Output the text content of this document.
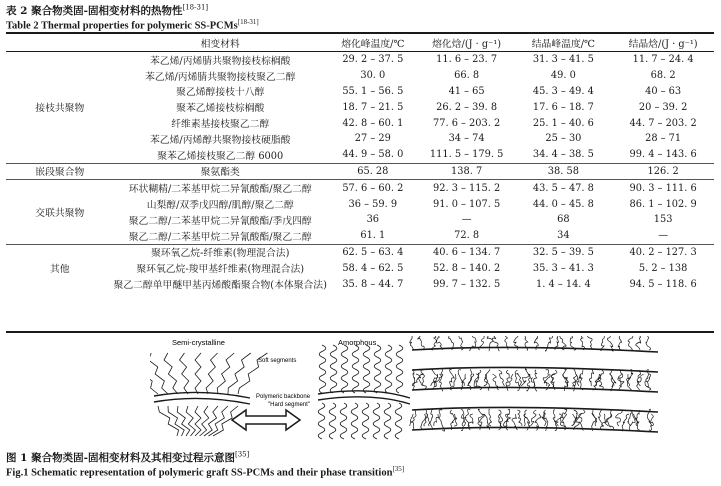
表 2 聚合物类固-固相变材料的热物性[18-31]
Table 2 Thermal properties for polymeric SS-PCMs[18-31]
	相变材料	熔化峰温度/℃	熔化焓/(J · g⁻¹)	结晶峰温度/℃	结晶焓/(J · g⁻¹)
接枝共聚物	苯乙烯/丙烯腈共聚物接枝棕榈酸	29. 2 – 37. 5	11. 6 – 23. 7	31. 3 – 41. 5	11. 7 – 24. 4
	苯乙烯/丙烯腈共聚物接枝聚乙二醇	30. 0	66. 8	49. 0	68. 2
	聚乙烯醇接枝十八醇	55. 1 – 56. 5	41 – 65	45. 3 – 49. 4	40 – 63
	聚苯乙烯接枝棕榈酸	18. 7 – 21. 5	26. 2 – 39. 8	17. 6 – 18. 7	20 – 39. 2
	纤维素基接枝聚乙二醇	42. 8 – 60. 1	77. 6 – 203. 2	25. 1 – 40. 6	44. 7 – 203. 2
	苯乙烯/丙烯醇共聚物接枝硬脂酸	27 – 29	34 – 74	25 – 30	28 – 71
	聚苯乙烯接枝聚乙二醇 6000	44. 9 – 58. 0	111. 5 – 179. 5	34. 4 – 38. 5	99. 4 – 143. 6
嵌段聚合物	聚氨酯类	65. 28	138. 7	38. 58	126. 2
交联共聚物	环状糊精/二苯基甲烷二异氰酸酯/聚乙二醇	57. 6 – 60. 2	92. 3 – 115. 2	43. 5 – 47. 8	90. 3 – 111. 6
	山梨醇/双季戊四醇/肌醇/聚乙二醇	36 – 59. 9	91. 0 – 107. 5	44. 0 – 45. 8	86. 1 – 102. 9
	聚乙二醇/二苯基甲烷二异氰酸酯/季戊四醇	36	—	68	153
	聚乙二醇/二苯基甲烷二异氰酸酯/聚乙二醇	61. 1	72. 8	34	—
其他	聚环氧乙烷-纤维素(物理混合法)	62. 5 – 63. 4	40. 6 – 134. 7	32. 5 – 39. 5	40. 2 – 127. 3
	聚环氧乙烷-羧甲基纤维素(物理混合法)	58. 4 – 62. 5	52. 8 – 140. 2	35. 3 – 41. 3	5. 2 – 138
	聚乙二醇单甲醚甲基丙烯酸酯聚合物(本体聚合法)	35. 8 – 44. 7	99. 7 – 132. 5	1. 4 – 14. 4	94. 5 – 118. 6
Semi-crystalline
Soft segments
Polymeric backbone
"Hard segment"
Amorphous
图 1 聚合物类固-固相变材料及其相变过程示意图[35]
Fig.1 Schematic representation of polymeric graft SS-PCMs and their phase transition[35]
